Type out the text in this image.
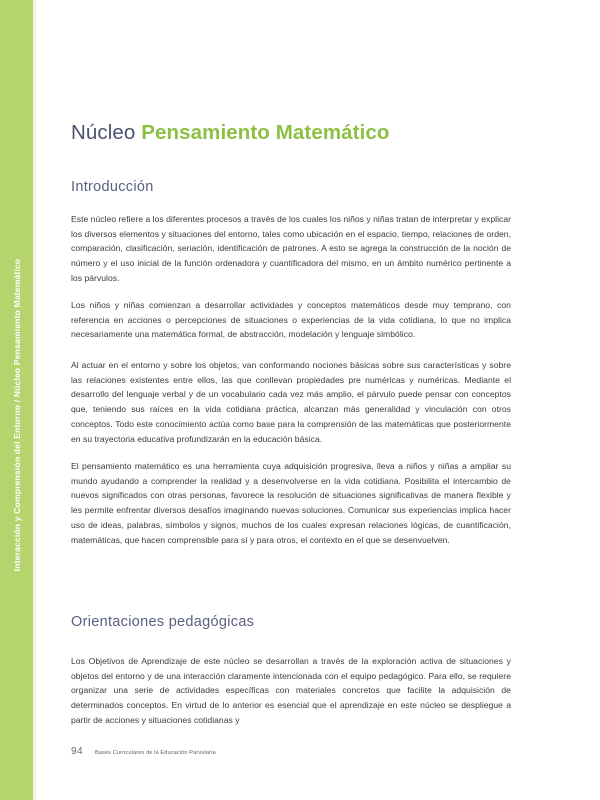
Interacción y Comprensión del Entorno / Núcleo Pensamiento Matemático
Núcleo Pensamiento Matemático
Introducción

Este núcleo refiere a los diferentes procesos a través de los cuales los niños y niñas tratan de interpretar y explicar los diversos elementos y situaciones del entorno, tales como ubicación en el espacio, tiempo, relaciones de orden, comparación, clasificación, seriación, identificación de patrones. A esto se agrega la construcción de la noción de número y el uso inicial de la función ordenadora y cuantificadora del mismo, en un ámbito numérico pertinente a los párvulos.

Los niños y niñas comienzan a desarrollar actividades y conceptos matemáticos desde muy temprano, con referencia en acciones o percepciones de situaciones o experiencias de la vida cotidiana, lo que no implica necesariamente una matemática formal, de abstracción, modelación y lenguaje simbólico.

Al actuar en el entorno y sobre los objetos, van conformando nociones básicas sobre sus características y sobre las relaciones existentes entre ellos, las que conllevan propiedades pre numéricas y numéricas. Mediante el desarrollo del lenguaje verbal y de un vocabulario cada vez más amplio, el párvulo puede pensar con conceptos que, teniendo sus raíces en la vida cotidiana práctica, alcanzan más generalidad y vinculación con otros conceptos. Todo este conocimiento actúa como base para la comprensión de las matemáticas que posteriormente en su trayectoria educativa profundizarán en la educación básica.

El pensamiento matemático es una herramienta cuya adquisición progresiva, lleva a niños y niñas a ampliar su mundo ayudando a comprender la realidad y a desenvolverse en la vida cotidiana. Posibilita el intercambio de nuevos significados con otras personas, favorece la resolución de situaciones significativas de manera flexible y les permite enfrentar diversos desafíos imaginando nuevas soluciones. Comunicar sus experiencias implica hacer uso de ideas, palabras, símbolos y signos, muchos de los cuales expresan relaciones lógicas, de cuantificación, matemáticas, que hacen comprensible para sí y para otros, el contexto en el que se desenvuelven.

Orientaciones pedagógicas

Los Objetivos de Aprendizaje de este núcleo se desarrollan a través de la exploración activa de situaciones y objetos del entorno y de una interacción claramente intencionada con el equipo pedagógico. Para ello, se requiere organizar una serie de actividades específicas con materiales concretos que facilite la adquisición de determinados conceptos. En virtud de lo anterior es esencial que el aprendizaje en este núcleo se despliegue a partir de acciones y situaciones cotidianas y

94 Bases Curriculares de la Educación Parvularia
